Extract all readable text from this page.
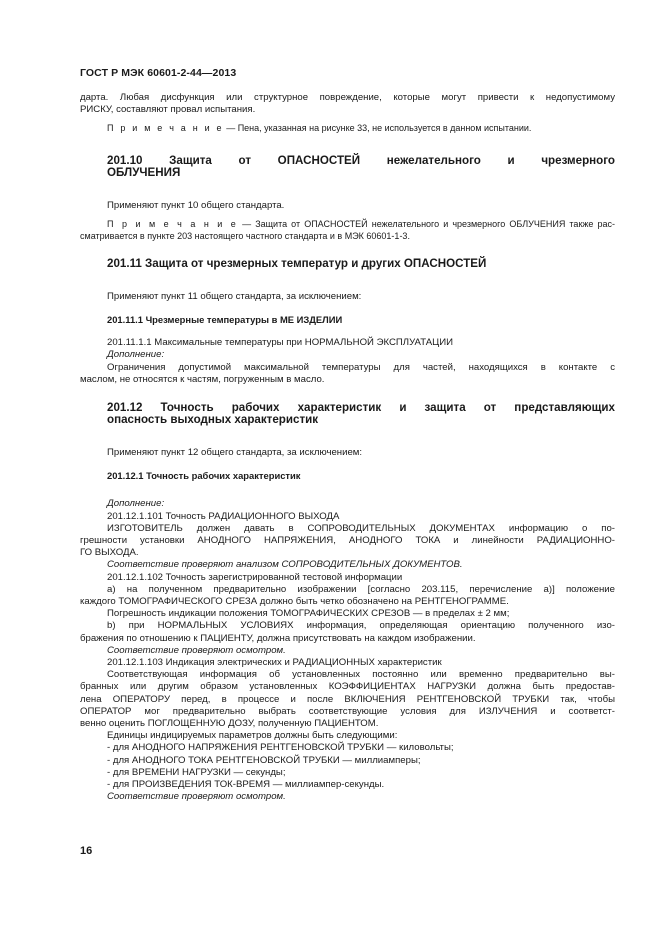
ГОСТ Р МЭК 60601-2-44—2013

дарта. Любая дисфункция или структурное повреждение, которые могут привести к недопустимому

РИСКУ, составляют провал испытания.

П р и м е ч а н и е — Пена, указанная на рисунке 33, не используется в данном испытании.

201.10   Защита   от   ОПАСНОСТЕЙ   нежелательного   и   чрезмерного
ОБЛУЧЕНИЯ

Применяют пункт 10 общего стандарта.

П р и м е ч а н и е — Защита от ОПАСНОСТЕЙ нежелательного и чрезмерного ОБЛУЧЕНИЯ также рас-

сматривается в пункте 203 настоящего частного стандарта и в МЭК 60601-1-3.

201.11 Защита от чрезмерных температур и других ОПАСНОСТЕЙ

Применяют пункт 11 общего стандарта, за исключением:

201.11.1 Чрезмерные температуры в МЕ ИЗДЕЛИИ

201.11.1.1 Максимальные температуры при НОРМАЛЬНОЙ ЭКСПЛУАТАЦИИ

Дополнение:

Ограничения допустимой максимальной температуры для частей, находящихся в контакте с

маслом, не относятся к частям, погруженным в масло.

201.12  Точность  рабочих  характеристик  и  защита  от  представляющих
опасность выходных характеристик

Применяют пункт 12 общего стандарта, за исключением:

201.12.1 Точность рабочих характеристик

Дополнение:

201.12.1.101 Точность РАДИАЦИОННОГО ВЫХОДА

ИЗГОТОВИТЕЛЬ должен давать в СОПРОВОДИТЕЛЬНЫХ ДОКУМЕНТАХ информацию о по-

грешности установки АНОДНОГО НАПРЯЖЕНИЯ, АНОДНОГО ТОКА и линейности РАДИАЦИОННО-

ГО ВЫХОДА.

Соответствие проверяют анализом СОПРОВОДИТЕЛЬНЫХ ДОКУМЕНТОВ.

201.12.1.102 Точность зарегистрированной тестовой информации

а) на полученном предварительно изображении [согласно 203.115, перечисление а)] положение

каждого ТОМОГРАФИЧЕСКОГО СРЕЗА должно быть четко обозначено на РЕНТГЕНОГРАММЕ.

Погрешность индикации положения ТОМОГРАФИЧЕСКИХ СРЕЗОВ — в пределах ± 2 мм;

b) при НОРМАЛЬНЫХ УСЛОВИЯХ информация, определяющая ориентацию полученного изо-

бражения по отношению к ПАЦИЕНТУ, должна присутствовать на каждом изображении.

Соответствие проверяют осмотром.

201.12.1.103 Индикация электрических и РАДИАЦИОННЫХ характеристик

Соответствующая информация об установленных постоянно или временно предварительно вы-

бранных или другим образом установленных КОЭФФИЦИЕНТАХ НАГРУЗКИ должна быть предостав-

лена ОПЕРАТОРУ перед, в процессе и после ВКЛЮЧЕНИЯ РЕНТГЕНОВСКОЙ ТРУБКИ так, чтобы

ОПЕРАТОР мог предварительно выбрать соответствующие условия для ИЗЛУЧЕНИЯ и соответст-

венно оценить ПОГЛОЩЕННУЮ ДОЗУ, полученную ПАЦИЕНТОМ.

Единицы индицируемых параметров должны быть следующими:

- для АНОДНОГО НАПРЯЖЕНИЯ РЕНТГЕНОВСКОЙ ТРУБКИ — киловольты;

- для АНОДНОГО ТОКА РЕНТГЕНОВСКОЙ ТРУБКИ — миллиамперы;

- для ВРЕМЕНИ НАГРУЗКИ — секунды;

- для ПРОИЗВЕДЕНИЯ ТОК-ВРЕМЯ — миллиампер-секунды.

Соответствие проверяют осмотром.

16
